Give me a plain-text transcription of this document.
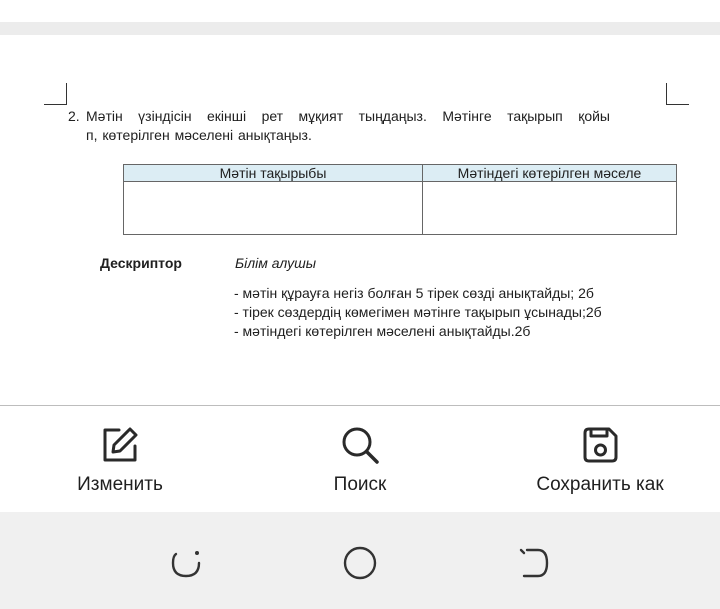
2. Мәтін үзіндісін екінші рет мұқият тыңдаңыз. Мәтінге тақырып қойы
п, көтерілген мәселені анықтаңыз.
Мәтін тақырыбы	Мәтіндегі көтерілген мәселе

Дескриптор	Білім алушы
- мәтін құрауға негіз болған 5 тірек сөзді анықтайды; 2б
- тірек сөздердің көмегімен мәтінге тақырып ұсынады;2б
- мәтіндегі көтерілген мәселені анықтайды.2б
Изменить	Поиск	Сохранить как
